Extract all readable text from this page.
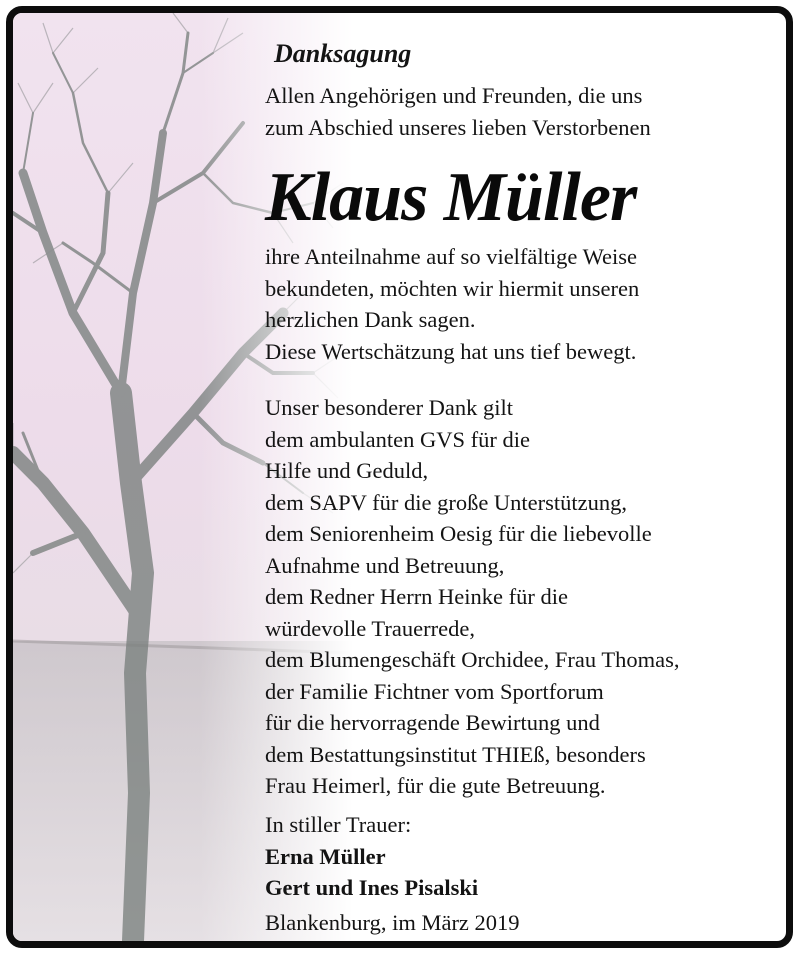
Danksagung
Allen Angehörigen und Freunden, die uns
zum Abschied unseres lieben Verstorbenen
Klaus Müller
ihre Anteilnahme auf so vielfältige Weise
bekundeten, möchten wir hiermit unseren
herzlichen Dank sagen.
Diese Wertschätzung hat uns tief bewegt.
Unser besonderer Dank gilt
dem ambulanten GVS für die
Hilfe und Geduld,
dem SAPV für die große Unterstützung,
dem Seniorenheim Oesig für die liebevolle
Aufnahme und Betreuung,
dem Redner Herrn Heinke für die
würdevolle Trauerrede,
dem Blumengeschäft Orchidee, Frau Thomas,
der Familie Fichtner vom Sportforum
für die hervorragende Bewirtung und
dem Bestattungsinstitut THIEß, besonders
Frau Heimerl, für die gute Betreuung.
In stiller Trauer:
Erna Müller
Gert und Ines Pisalski
Blankenburg, im März 2019
